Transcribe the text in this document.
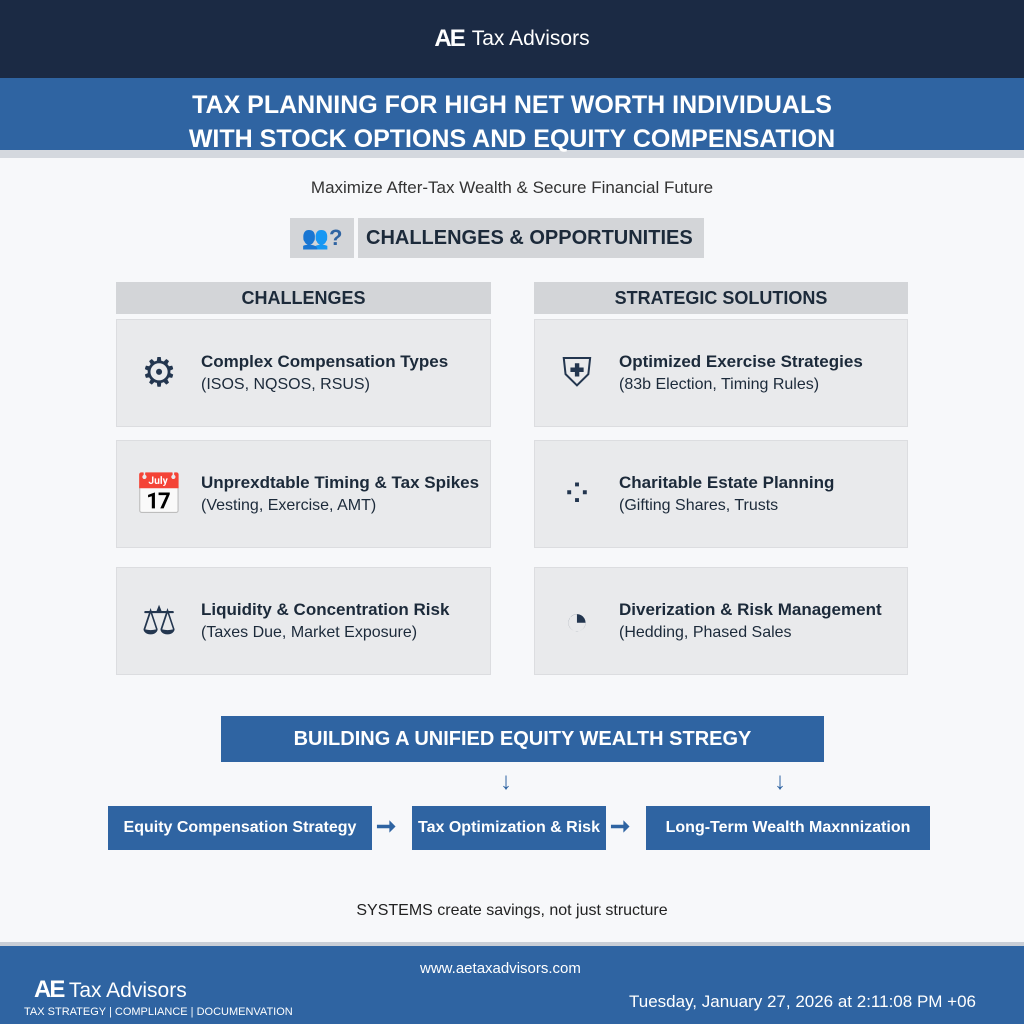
AE Tax Advisors
TAX PLANNING FOR HIGH NET WORTH INDIVIDUALS
WITH STOCK OPTIONS AND EQUITY COMPENSATION
Maximize After-Tax Wealth & Secure Financial Future
👥?	CHALLENGES & OPPORTUNITIES
CHALLENGES	STRATEGIC SOLUTIONS
⚙	Complex Compensation Types
(ISOS, NQSOS, RSUS)
📅	Unprexdtable Timing & Tax Spikes
(Vesting, Exercise, AMT)
⚖	Liquidity & Concentration Risk
(Taxes Due, Market Exposure)
⛨	Optimized Exercise Strategies
(83b Election, Timing Rules)
⁘	Charitable Estate Planning
(Gifting Shares, Trusts
◔	Diverization & Risk Management
(Hedding, Phased Sales
BUILDING A UNIFIED EQUITY WEALTH STREGY
↓	↓
Equity Compensation Strategy ➞	Tax Optimization & Risk ➞	Long-Term Wealth Maxnnization
SYSTEMS create savings, not just structure
AE Tax Advisors
TAX STRATEGY | COMPLIANCE | DOCUMENVATION
www.aetaxadvisors.com
Tuesday, January 27, 2026 at 2:11:08 PM +06
